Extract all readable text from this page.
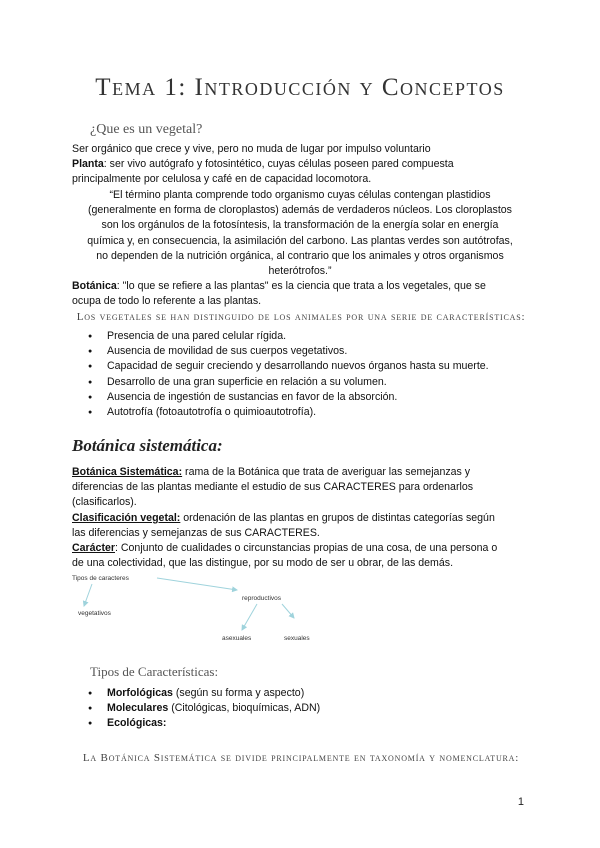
Tema 1: Introducción y Conceptos
¿Que es un vegetal?
Ser orgánico que crece y vive, pero no muda de lugar por impulso voluntario
Planta: ser vivo autógrafo y fotosintético, cuyas células poseen pared compuesta
principalmente por celulosa y café en de capacidad locomotora.
“El término planta comprende todo organismo cuyas células contengan plastidios
(generalmente en forma de cloroplastos) además de verdaderos núcleos. Los cloroplastos
son los orgánulos de la fotosíntesis, la transformación de la energía solar en energía
química y, en consecuencia, la asimilación del carbono. Las plantas verdes son autótrofas,
no dependen de la nutrición orgánica, al contrario que los animales y otros organismos
heterótrofos.”
Botánica: "lo que se refiere a las plantas" es la ciencia que trata a los vegetales, que se
ocupa de todo lo referente a las plantas.
Los vegetales se han distinguido de los animales por una serie de características:
● Presencia de una pared celular rígida.
● Ausencia de movilidad de sus cuerpos vegetativos.
● Capacidad de seguir creciendo y desarrollando nuevos órganos hasta su muerte.
● Desarrollo de una gran superficie en relación a su volumen.
● Ausencia de ingestión de sustancias en favor de la absorción.
● Autotrofía (fotoautotrofía o quimioautotrofía).
Botánica sistemática:
Botánica Sistemática: rama de la Botánica que trata de averiguar las semejanzas y
diferencias de las plantas mediante el estudio de sus CARACTERES para ordenarlos
(clasificarlos).
Clasificación vegetal: ordenación de las plantas en grupos de distintas categorías según
las diferencias y semejanzas de sus CARACTERES.
Carácter: Conjunto de cualidades o circunstancias propias de una cosa, de una persona o
de una colectividad, que las distingue, por su modo de ser u obrar, de las demás.
Tipos de caracteres
vegetativos
reproductivos
asexuales	sexuales
Tipos de Características:
● Morfológicas (según su forma y aspecto)
● Moleculares (Citológicas, bioquímicas, ADN)
● Ecológicas:
La Botánica Sistemática se divide principalmente en taxonomía y nomenclatura:
1
